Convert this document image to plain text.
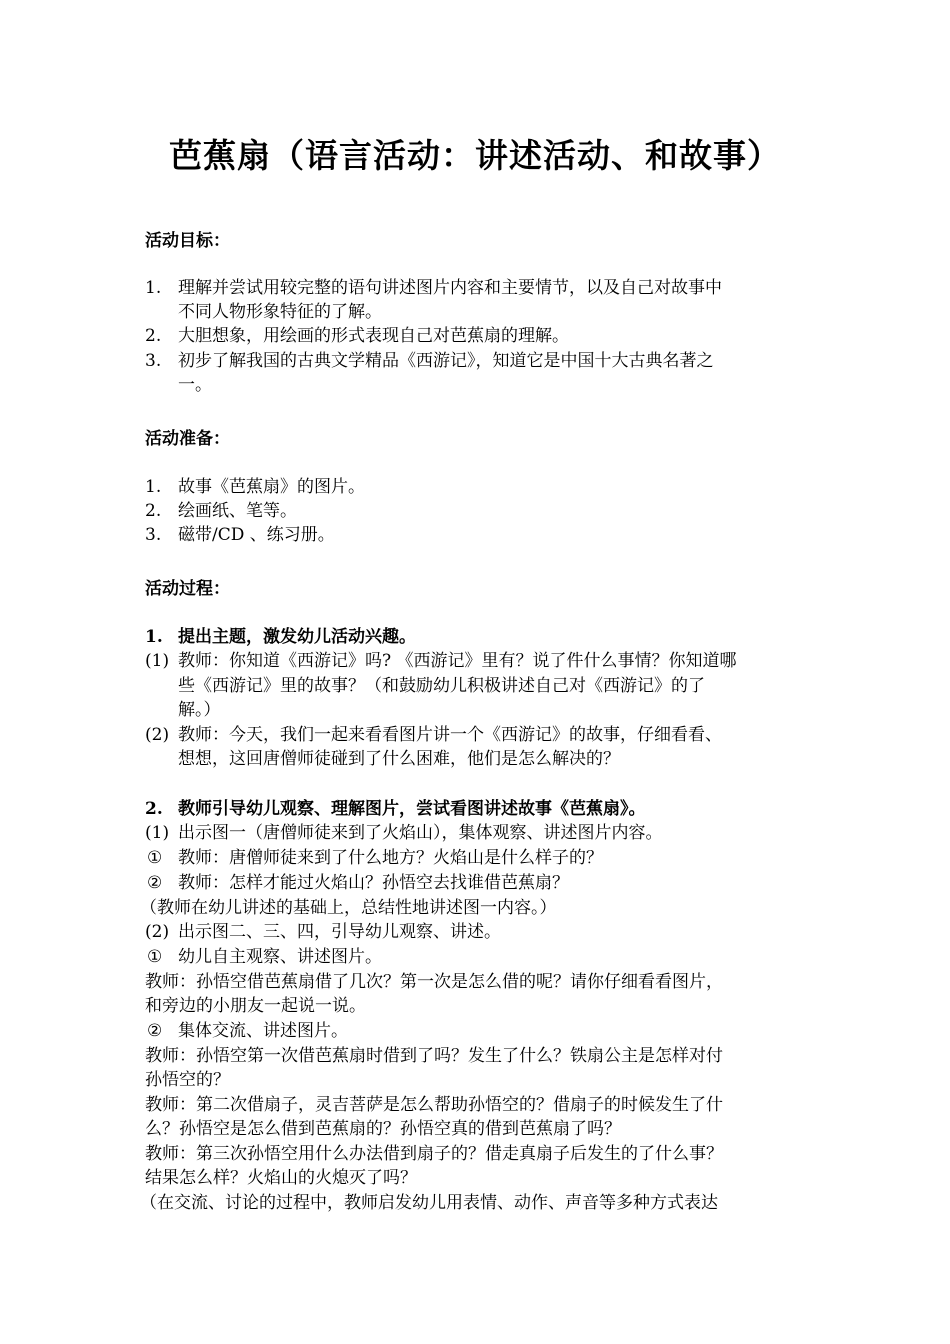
芭蕉扇（语言活动：讲述活动、和故事）
活动目标：
1. 理解并尝试用较完整的语句讲述图片内容和主要情节，以及自己对故事中
不同人物形象特征的了解。
2. 大胆想象，用绘画的形式表现自己对芭蕉扇的理解。
3. 初步了解我国的古典文学精品《西游记》，知道它是中国十大古典名著之
一。
活动准备：
1. 故事《芭蕉扇》的图片。
2. 绘画纸、笔等。
3. 磁带/CD 、练习册。
活动过程：
1. 提出主题，激发幼儿活动兴趣。
(1) 教师：你知道《西游记》吗? 《西游记》里有？说了件什么事情？你知道哪
些《西游记》里的故事？（和鼓励幼儿积极讲述自己对《西游记》的了
解。）
(2) 教师：今天，我们一起来看看图片讲一个《西游记》的故事，仔细看看、
想想，这回唐僧师徒碰到了什么困难，他们是怎么解决的？
2. 教师引导幼儿观察、理解图片，尝试看图讲述故事《芭蕉扇》。
(1) 出示图一（唐僧师徒来到了火焰山），集体观察、讲述图片内容。
① 教师：唐僧师徒来到了什么地方？火焰山是什么样子的？
② 教师：怎样才能过火焰山？孙悟空去找谁借芭蕉扇？
（教师在幼儿讲述的基础上，总结性地讲述图一内容。）
(2) 出示图二、三、四，引导幼儿观察、讲述。
① 幼儿自主观察、讲述图片。
教师：孙悟空借芭蕉扇借了几次？第一次是怎么借的呢？请你仔细看看图片，
和旁边的小朋友一起说一说。
② 集体交流、讲述图片。
教师：孙悟空第一次借芭蕉扇时借到了吗？发生了什么？铁扇公主是怎样对付
孙悟空的？
教师：第二次借扇子，灵吉菩萨是怎么帮助孙悟空的？借扇子的时候发生了什
么？孙悟空是怎么借到芭蕉扇的？孙悟空真的借到芭蕉扇了吗？
教师：第三次孙悟空用什么办法借到扇子的？借走真扇子后发生的了什么事？
结果怎么样？火焰山的火熄灭了吗？
（在交流、讨论的过程中，教师启发幼儿用表情、动作、声音等多种方式表达
